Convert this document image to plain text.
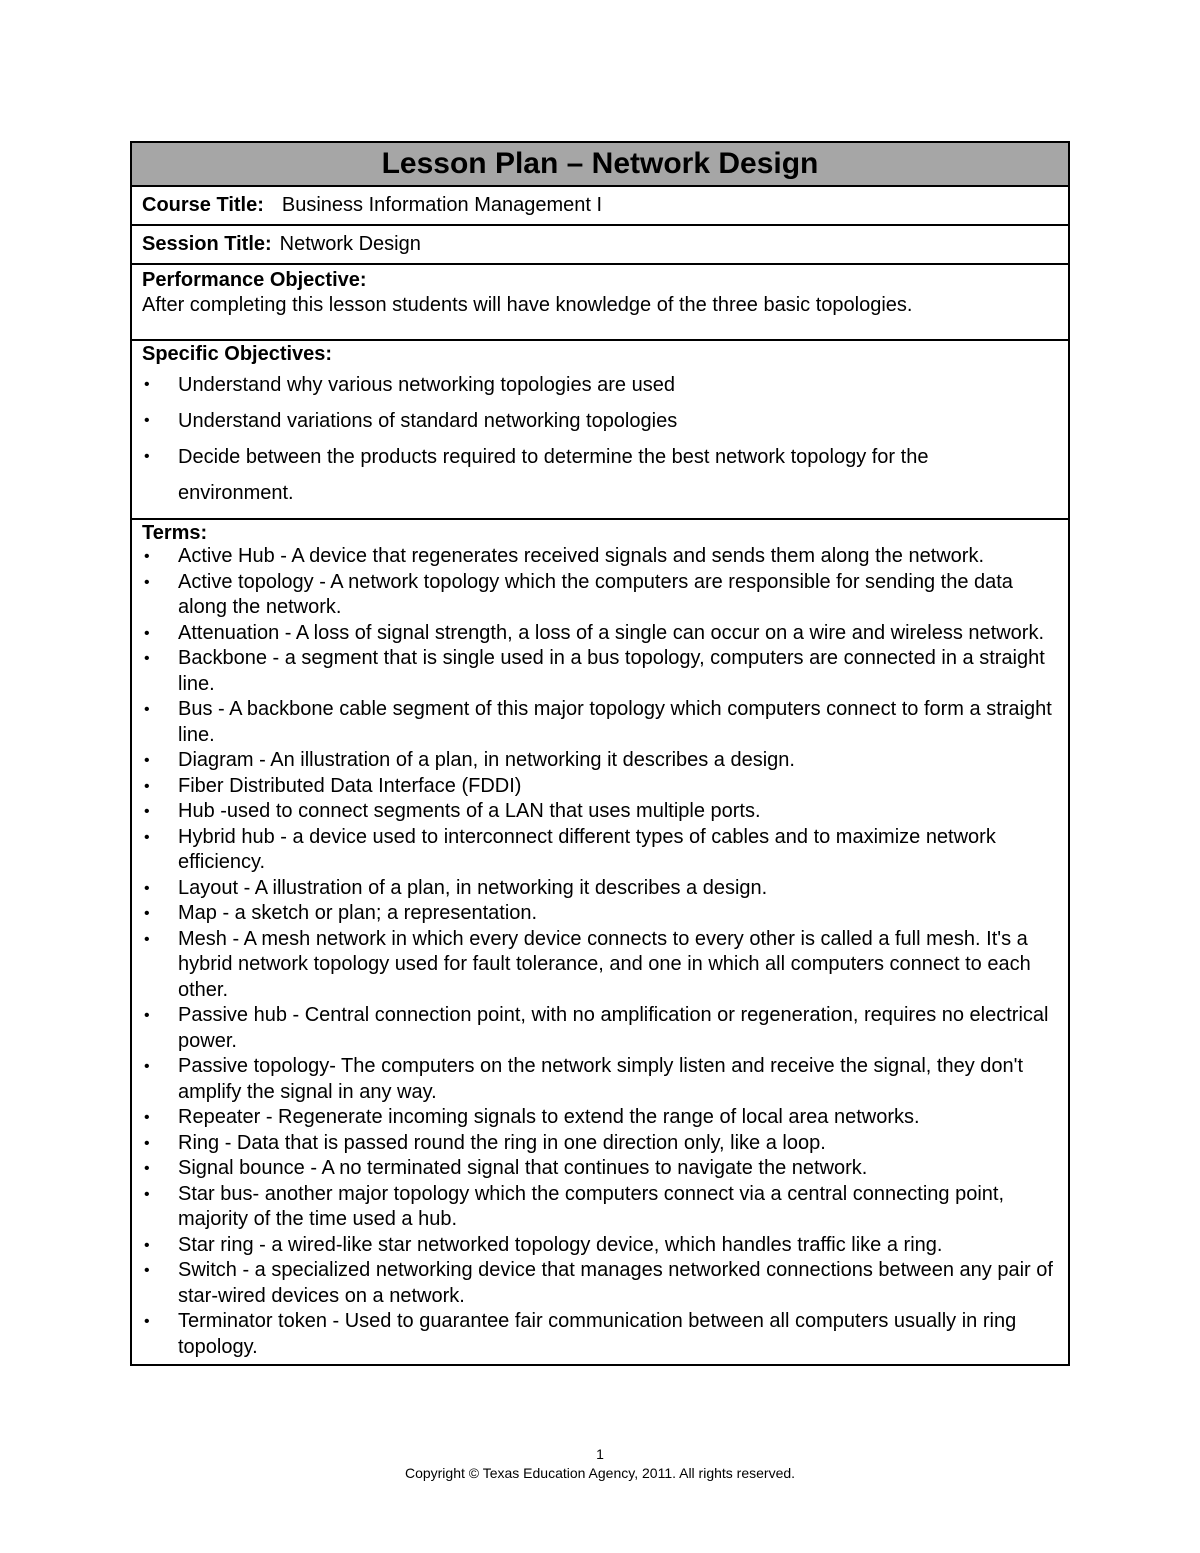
Lesson Plan – Network Design
Course Title: Business Information Management I
Session Title: Network Design
Performance Objective:
After completing this lesson students will have knowledge of the three basic topologies.
Specific Objectives:
• Understand why various networking topologies are used
• Understand variations of standard networking topologies
• Decide between the products required to determine the best network topology for the environment.
Terms:
• Active Hub - A device that regenerates received signals and sends them along the network.
• Active topology - A network topology which the computers are responsible for sending the data along the network.
• Attenuation - A loss of signal strength, a loss of a single can occur on a wire and wireless network.
• Backbone - a segment that is single used in a bus topology, computers are connected in a straight line.
• Bus - A backbone cable segment of this major topology which computers connect to form a straight line.
• Diagram - An illustration of a plan, in networking it describes a design.
• Fiber Distributed Data Interface (FDDI)
• Hub -used to connect segments of a LAN that uses multiple ports.
• Hybrid hub - a device used to interconnect different types of cables and to maximize network efficiency.
• Layout - A illustration of a plan, in networking it describes a design.
• Map - a sketch or plan; a representation.
• Mesh - A mesh network in which every device connects to every other is called a full mesh. It's a hybrid network topology used for fault tolerance, and one in which all computers connect to each other.
• Passive hub - Central connection point, with no amplification or regeneration, requires no electrical power.
• Passive topology- The computers on the network simply listen and receive the signal, they don't amplify the signal in any way.
• Repeater - Regenerate incoming signals to extend the range of local area networks.
• Ring - Data that is passed round the ring in one direction only, like a loop.
• Signal bounce - A no terminated signal that continues to navigate the network.
• Star bus- another major topology which the computers connect via a central connecting point, majority of the time used a hub.
• Star ring - a wired-like star networked topology device, which handles traffic like a ring.
• Switch - a specialized networking device that manages networked connections between any pair of star-wired devices on a network.
• Terminator token - Used to guarantee fair communication between all computers usually in ring topology.
1
Copyright © Texas Education Agency, 2011. All rights reserved.
